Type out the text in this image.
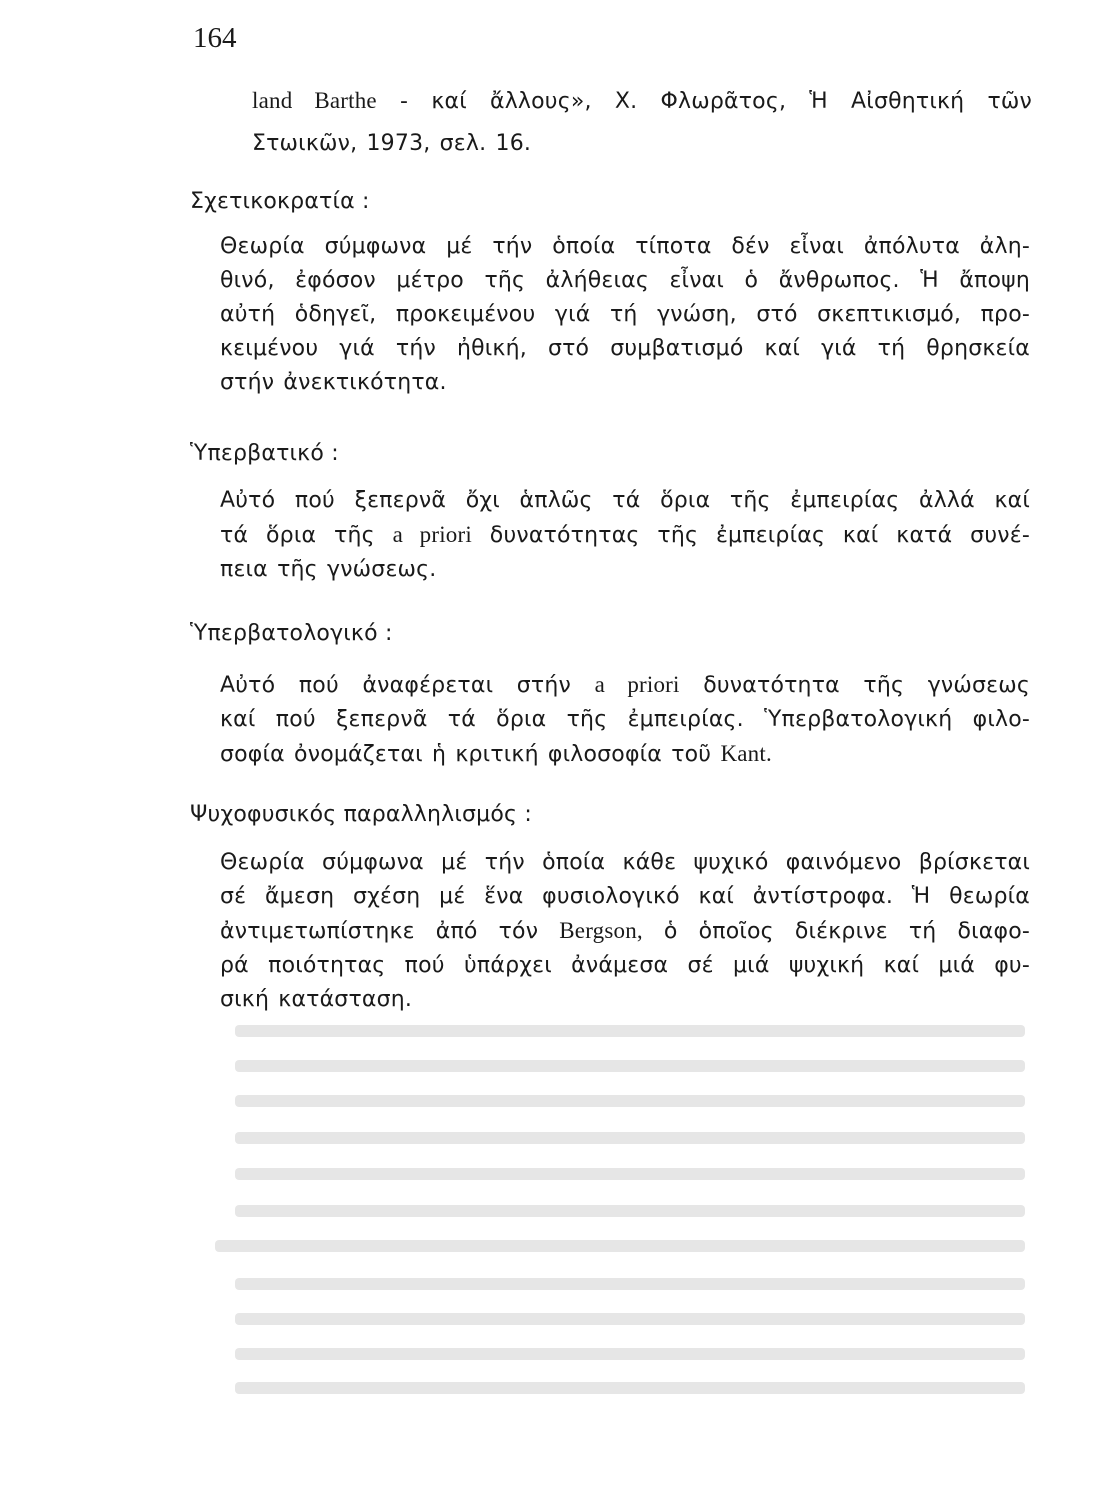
164
land Barthe - καί ἄλλους», Χ. Φλωρᾶτος, Ἡ Αἰσθητική τῶν
Στωικῶν, 1973, σελ. 16.
Σχετικοκρατία :
Θεωρία σύμφωνα μέ τήν ὁποία τίποτα δέν εἶναι ἀπόλυτα ἀλη-
θινό, ἐφόσον μέτρο τῆς ἀλήθειας εἶναι ὁ ἄνθρωπος. Ἡ ἄποψη
αὐτή ὁδηγεῖ, προκειμένου γιά τή γνώση, στό σκεπτικισμό, προ-
κειμένου γιά τήν ἠθική, στό συμβατισμό καί γιά τή θρησκεία
στήν ἀνεκτικότητα.
Ὑπερβατικό :
Αὐτό πού ξεπερνᾶ ὄχι ἁπλῶς τά ὅρια τῆς ἐμπειρίας ἀλλά καί
τά ὅρια τῆς a priori δυνατότητας τῆς ἐμπειρίας καί κατά συνέ-
πεια τῆς γνώσεως.
Ὑπερβατολογικό :
Αὐτό πού ἀναφέρεται στήν a priori δυνατότητα τῆς γνώσεως
καί πού ξεπερνᾶ τά ὅρια τῆς ἐμπειρίας. Ὑπερβατολογική φιλο-
σοφία ὀνομάζεται ἡ κριτική φιλοσοφία τοῦ Kant.
Ψυχοφυσικός παραλληλισμός :
Θεωρία σύμφωνα μέ τήν ὁποία κάθε ψυχικό φαινόμενο βρίσκεται
σέ ἄμεση σχέση μέ ἕνα φυσιολογικό καί ἀντίστροφα. Ἡ θεωρία
ἀντιμετωπίστηκε ἀπό τόν Bergson, ὁ ὁποῖος διέκρινε τή διαφο-
ρά ποιότητας πού ὑπάρχει ἀνάμεσα σέ μιά ψυχική καί μιά φυ-
σική κατάσταση.
